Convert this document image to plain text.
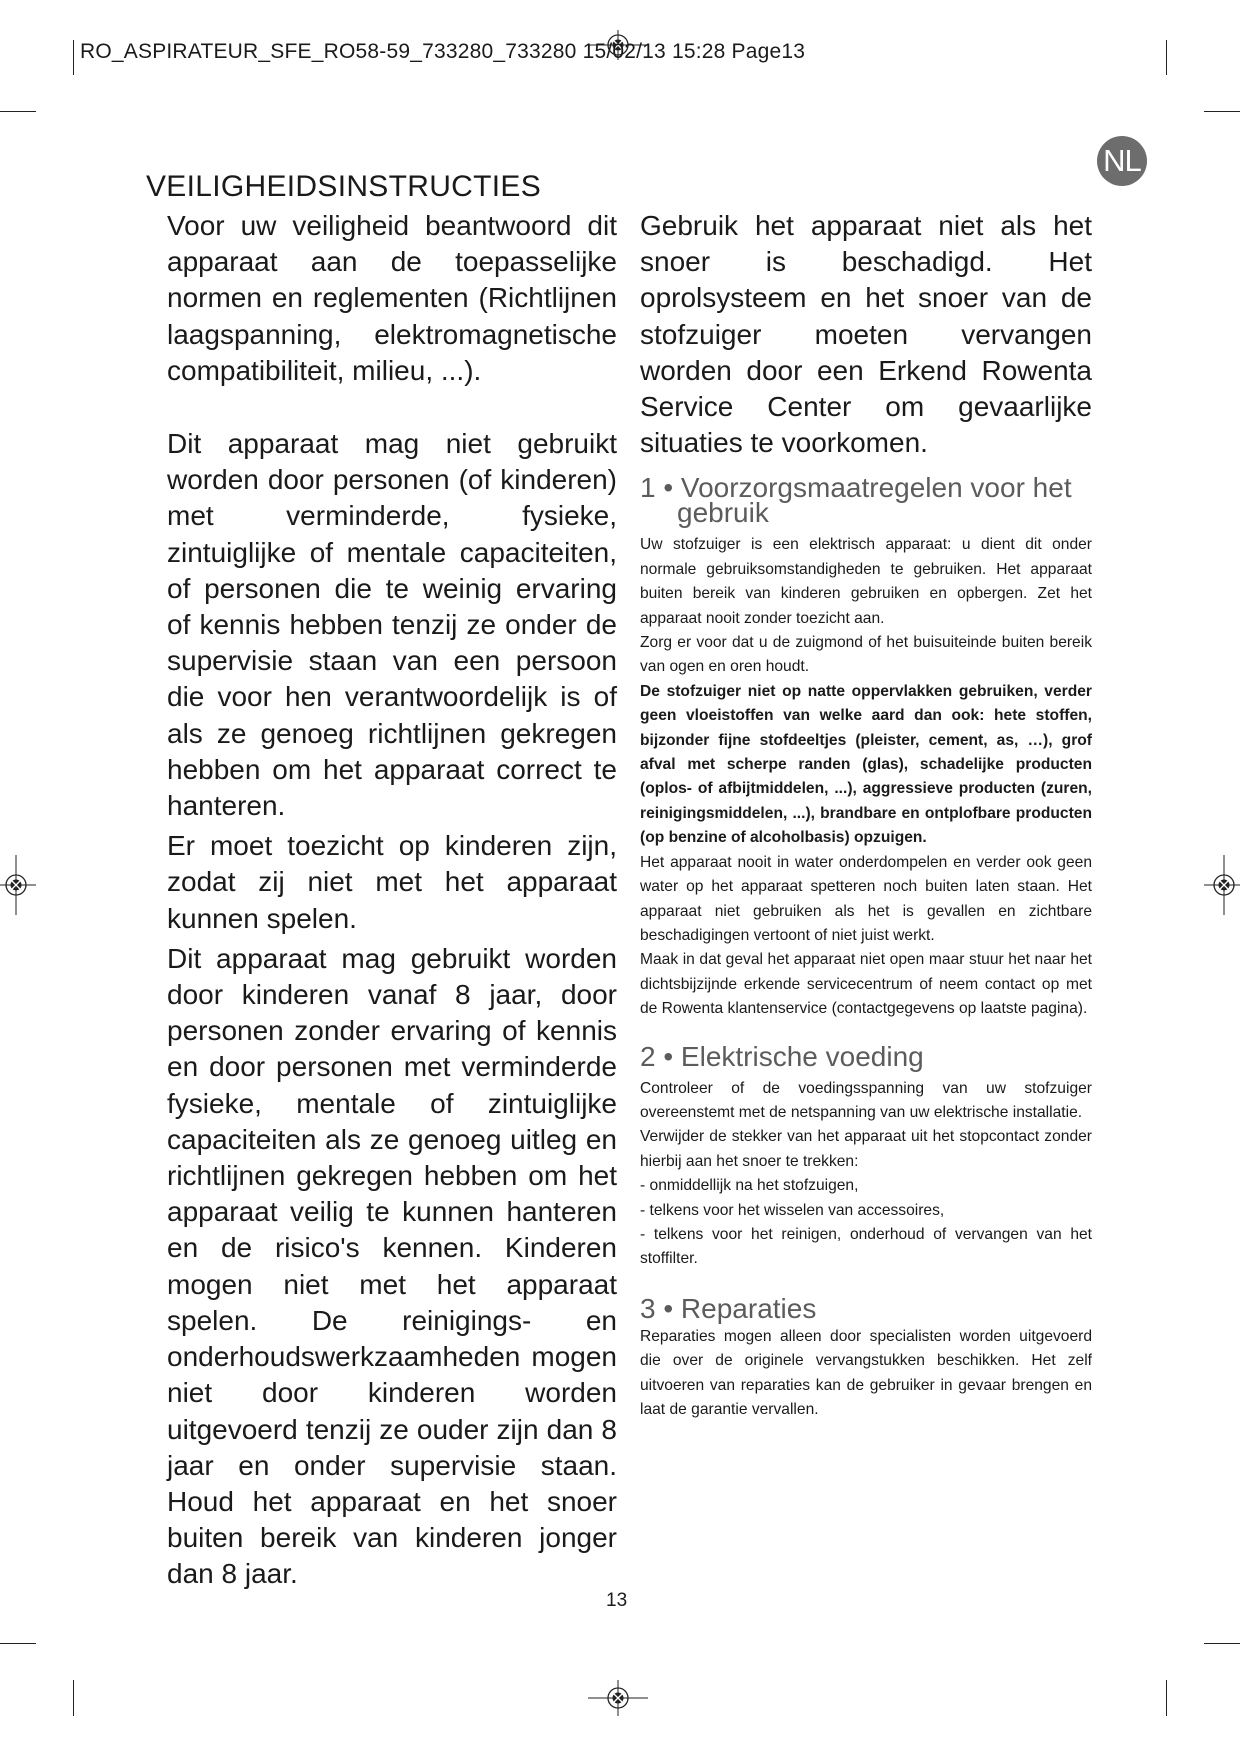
RO_ASPIRATEUR_SFE_RO58-59_733280_733280 15/02/13 15:28 Page13
NL
VEILIGHEIDSINSTRUCTIES

Voor uw veiligheid beantwoord dit apparaat aan de toepasselijke normen en reglementen (Richtlijnen laagspanning, elektromagnetische compatibiliteit, milieu, ...).

Dit apparaat mag niet gebruikt worden door personen (of kinderen) met verminderde, fysieke, zintuiglijke of mentale capaciteiten, of personen die te weinig ervaring of kennis hebben tenzij ze onder de supervisie staan van een persoon die voor hen verantwoordelijk is of als ze genoeg richtlijnen gekregen hebben om het apparaat correct te hanteren.

Er moet toezicht op kinderen zijn, zodat zij niet met het apparaat kunnen spelen.

Dit apparaat mag gebruikt worden door kinderen vanaf 8 jaar, door personen zonder ervaring of kennis en door personen met verminderde fysieke, mentale of zintuiglijke capaciteiten als ze genoeg uitleg en richtlijnen gekregen hebben om het apparaat veilig te kunnen hanteren en de risico's kennen. Kinderen mogen niet met het apparaat spelen. De reinigings- en onderhoudswerkzaamheden mogen niet door kinderen worden uitgevoerd tenzij ze ouder zijn dan 8 jaar en onder supervisie staan. Houd het apparaat en het snoer buiten bereik van kinderen jonger dan 8 jaar.

Gebruik het apparaat niet als het snoer is beschadigd. Het oprolsysteem en het snoer van de stofzuiger moeten vervangen worden door een Erkend Rowenta Service Center om gevaarlijke situaties te voorkomen.

1 • Voorzorgsmaatregelen voor het
gebruik

Uw stofzuiger is een elektrisch apparaat: u dient dit onder normale gebruiksomstandigheden te gebruiken. Het apparaat buiten bereik van kinderen gebruiken en opbergen. Zet het apparaat nooit zonder toezicht aan.

Zorg er voor dat u de zuigmond of het buisuiteinde buiten bereik van ogen en oren houdt.

De stofzuiger niet op natte oppervlakken gebruiken, verder geen vloeistoffen van welke aard dan ook: hete stoffen, bijzonder fijne stofdeeltjes (pleister, cement, as, …), grof afval met scherpe randen (glas), schadelijke producten (oplos- of afbijtmiddelen, ...), aggressieve producten (zuren, reinigingsmiddelen, ...), brandbare en ontplofbare producten (op benzine of alcoholbasis) opzuigen.

Het apparaat nooit in water onderdompelen en verder ook geen water op het apparaat spetteren noch buiten laten staan. Het apparaat niet gebruiken als het is gevallen en zichtbare beschadigingen vertoont of niet juist werkt.

Maak in dat geval het apparaat niet open maar stuur het naar het dichtsbijzijnde erkende servicecentrum of neem contact op met de Rowenta klantenservice (contactgegevens op laatste pagina).

2 • Elektrische voeding

Controleer of de voedingsspanning van uw stofzuiger overeenstemt met de netspanning van uw elektrische installatie.

Verwijder de stekker van het apparaat uit het stopcontact zonder hierbij aan het snoer te trekken:

- onmiddellijk na het stofzuigen,

- telkens voor het wisselen van accessoires,

- telkens voor het reinigen, onderhoud of vervangen van het stoffilter.

3 • Reparaties

Reparaties mogen alleen door specialisten worden uitgevoerd die over de originele vervangstukken beschikken. Het zelf uitvoeren van reparaties kan de gebruiker in gevaar brengen en laat de garantie vervallen.

13
